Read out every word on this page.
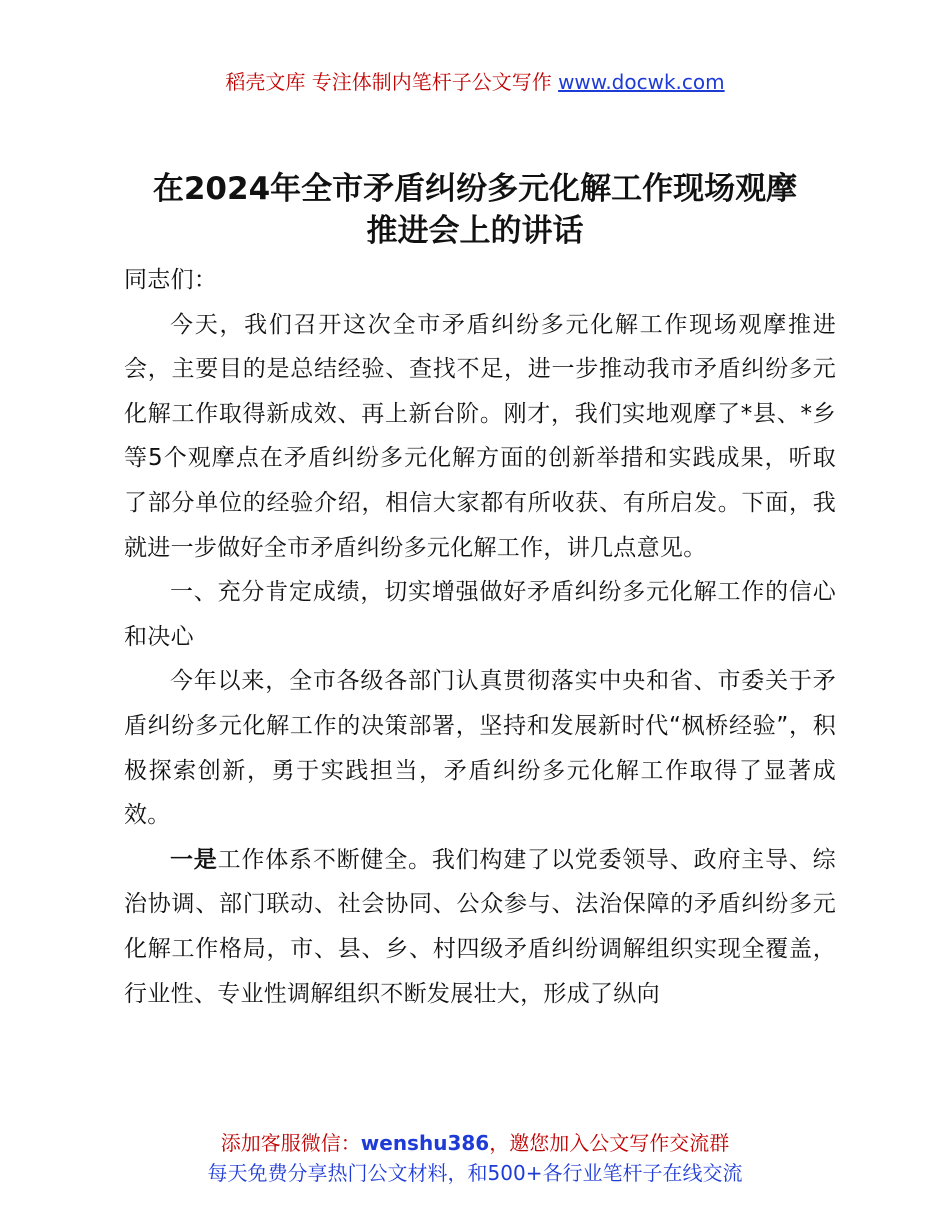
稻壳文库 专注体制内笔杆子公文写作 www.docwk.com
在2024年全市矛盾纠纷多元化解工作现场观摩
推进会上的讲话

同志们：

今天，我们召开这次全市矛盾纠纷多元化解工作现场观摩推进会，主要目的是总结经验、查找不足，进一步推动我市矛盾纠纷多元化解工作取得新成效、再上新台阶。刚才，我们实地观摩了*县、*乡等5个观摩点在矛盾纠纷多元化解方面的创新举措和实践成果，听取了部分单位的经验介绍，相信大家都有所收获、有所启发。下面，我就进一步做好全市矛盾纠纷多元化解工作，讲几点意见。

一、充分肯定成绩，切实增强做好矛盾纠纷多元化解工作的信心和决心

今年以来，全市各级各部门认真贯彻落实中央和省、市委关于矛盾纠纷多元化解工作的决策部署，坚持和发展新时代“枫桥经验”，积极探索创新，勇于实践担当，矛盾纠纷多元化解工作取得了显著成效。

一是工作体系不断健全。我们构建了以党委领导、政府主导、综治协调、部门联动、社会协同、公众参与、法治保障的矛盾纠纷多元化解工作格局，市、县、乡、村四级矛盾纠纷调解组织实现全覆盖，行业性、专业性调解组织不断发展壮大，形成了纵向

添加客服微信：wenshu386，邀您加入公文写作交流群
每天免费分享热门公文材料，和500+各行业笔杆子在线交流
